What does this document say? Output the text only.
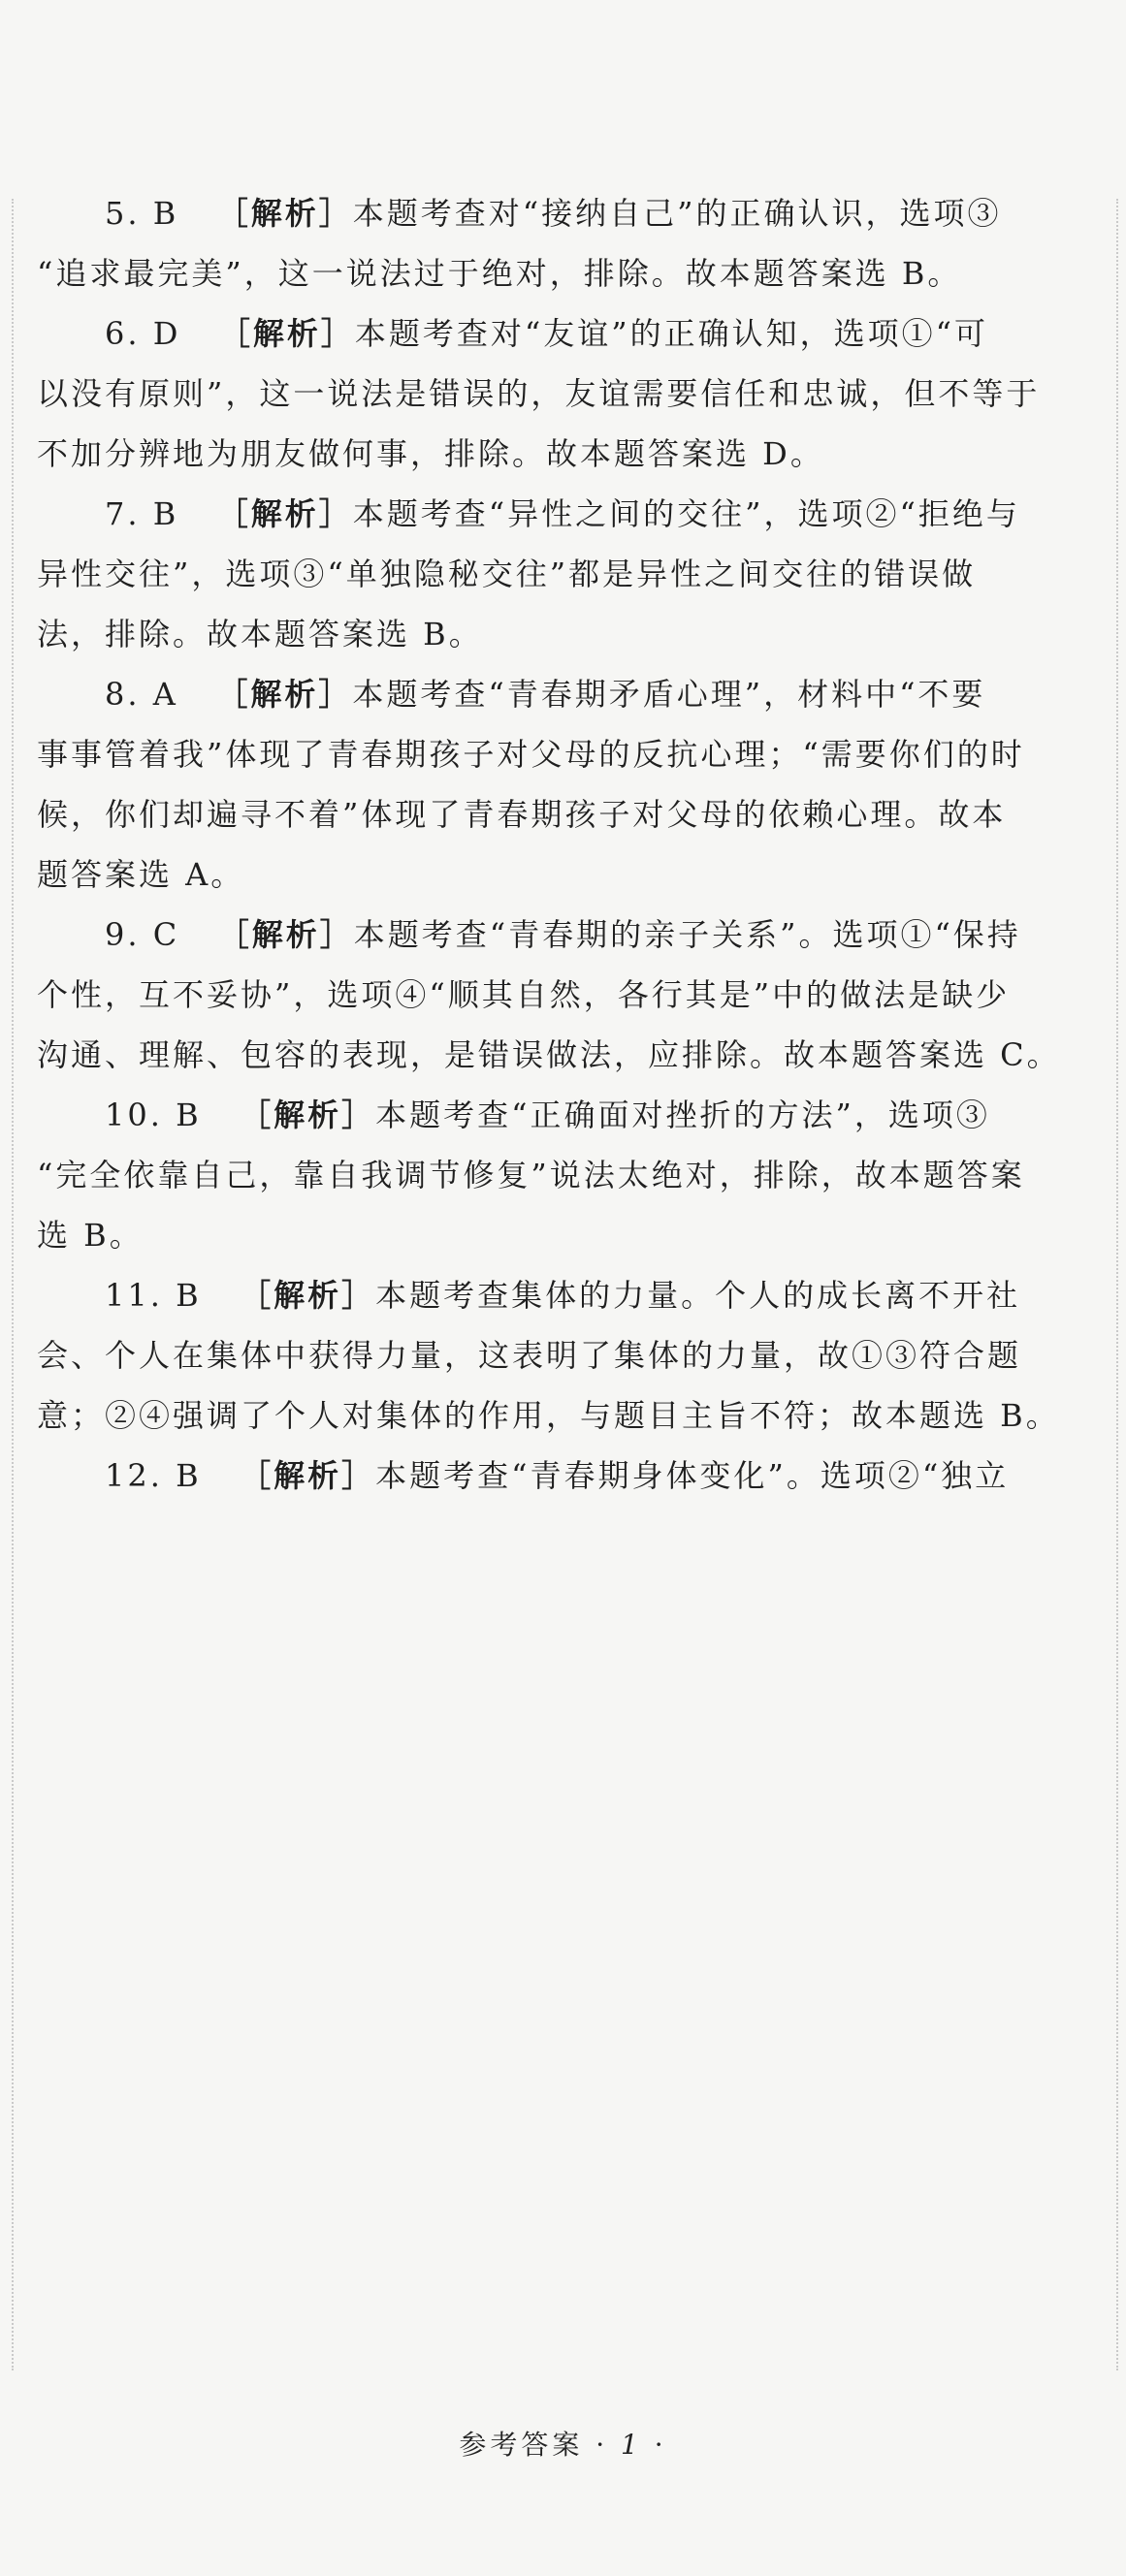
5. B ［解析］本题考查对“接纳自己”的正确认识，选项③
“追求最完美”，这一说法过于绝对，排除。故本题答案选 B。
6. D ［解析］本题考查对“友谊”的正确认知，选项①“可
以没有原则”，这一说法是错误的，友谊需要信任和忠诚，但不等于
不加分辨地为朋友做何事，排除。故本题答案选 D。
7. B ［解析］本题考查“异性之间的交往”，选项②“拒绝与
异性交往”，选项③“单独隐秘交往”都是异性之间交往的错误做
法，排除。故本题答案选 B。
8. A ［解析］本题考查“青春期矛盾心理”，材料中“不要
事事管着我”体现了青春期孩子对父母的反抗心理；“需要你们的时
候，你们却遍寻不着”体现了青春期孩子对父母的依赖心理。故本
题答案选 A。
9. C ［解析］本题考查“青春期的亲子关系”。选项①“保持
个性，互不妥协”，选项④“顺其自然，各行其是”中的做法是缺少
沟通、理解、包容的表现，是错误做法，应排除。故本题答案选 C。
10. B ［解析］本题考查“正确面对挫折的方法”，选项③
“完全依靠自己，靠自我调节修复”说法太绝对，排除，故本题答案
选 B。
11. B ［解析］本题考查集体的力量。个人的成长离不开社
会、个人在集体中获得力量，这表明了集体的力量，故①③符合题
意；②④强调了个人对集体的作用，与题目主旨不符；故本题选 B。
12. B ［解析］本题考查“青春期身体变化”。选项②“独立
参考答案 · 1 ·
